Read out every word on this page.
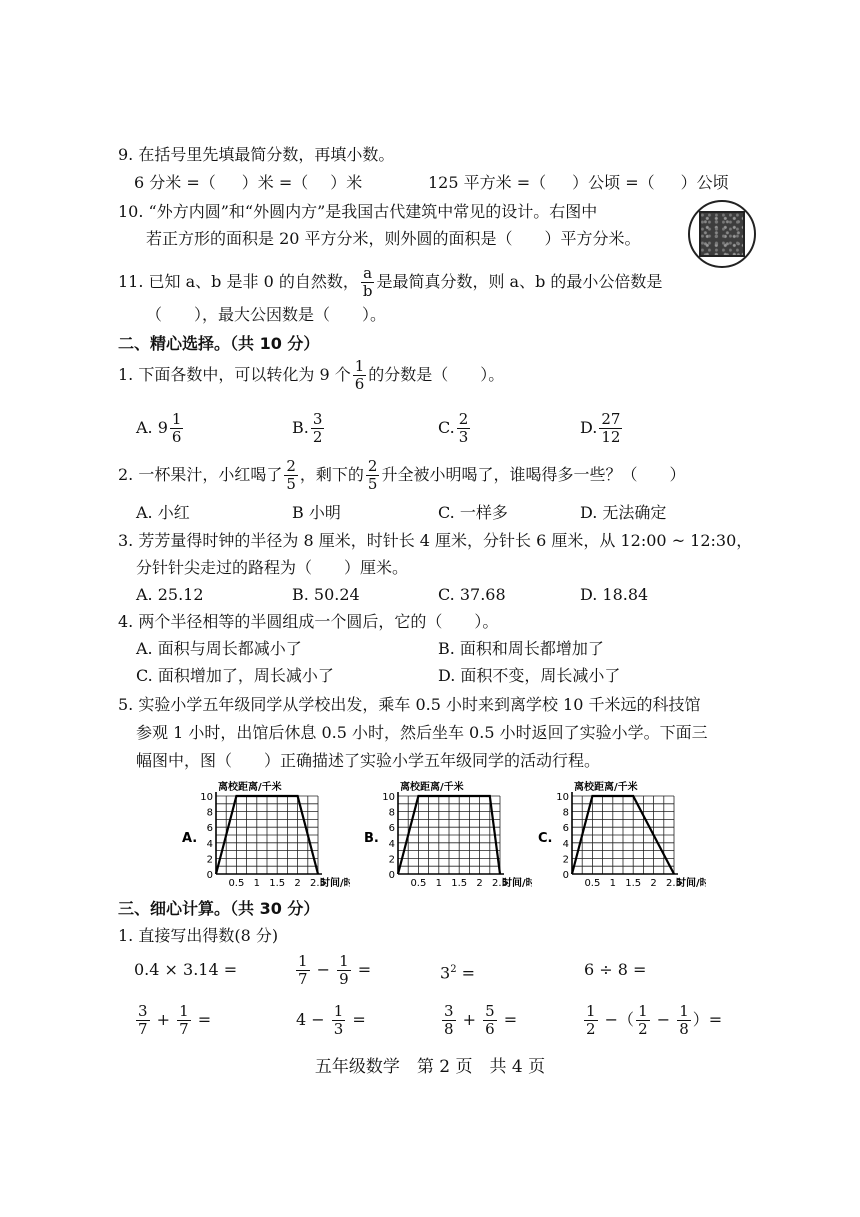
9. 在括号里先填最简分数，再填小数。
6 分米 =（ ）米 =（ ）米	125 平方米 =（ ）公顷 =（ ）公顷
10. “外方内圆”和“外圆内方”是我国古代建筑中常见的设计。右图中
若正方形的面积是 20 平方分米，则外圆的面积是（　　）平方分米。
11. 已知 a、b 是非 0 的自然数， $\frac{a}{b}$ 是最简真分数，则 a、b 的最小公倍数是
（　　），最大公因数是（　　）。
二、精心选择。（共 10 分）
1. 下面各数中，可以转化为 9 个 $\frac{1}{6}$ 的分数是（　　）。
A. $9 \frac{1}{6}$	B. $\frac{3}{2}$	C. $\frac{2}{3}$	D. $\frac{27}{12}$
2. 一杯果汁，小红喝了 $\frac{2}{5}$ ，剩下的 $\frac{2}{5}$ 升全被小明喝了，谁喝得多一些？（　　）
A. 小红	B 小明	C. 一样多	D. 无法确定
3. 芳芳量得时钟的半径为 8 厘米，时针长 4 厘米，分针长 6 厘米，从 12:00 ~ 12:30，
分针针尖走过的路程为（　　）厘米。
A. 25.12	B. 50.24	C. 37.68	D. 18.84
4. 两个半径相等的半圆组成一个圆后，它的（　　）。
A. 面积与周长都减小了	B. 面积和周长都增加了
C. 面积增加了，周长减小了	D. 面积不变，周长减小了
5. 实验小学五年级同学从学校出发，乘车 0.5 小时来到离学校 10 千米远的科技馆
参观 1 小时，出馆后休息 0.5 小时，然后坐车 0.5 小时返回了实验小学。下面三
幅图中，图（　　）正确描述了实验小学五年级同学的活动行程。
A.
离校距离/千米
0
2
4
6
8
10
0.5 1 1.5 2 2.5
时间/时
B.
离校距离/千米
0
2
4
6
8
10
0.5 1 1.5 2 2.5
时间/时
C.
离校距离/千米
0
2
4
6
8
10
0.5 1 1.5 2 2.5
时间/时
三、细心计算。（共 30 分）
1. 直接写出得数(8 分)
0.4 × 3.14 =	$\frac{1}{7} - \frac{1}{9}$ =	$3^2$ =	6 ÷ 8 =
$\frac{3}{7} + \frac{1}{7}$ =	$4 - \frac{1}{3}$ =	$\frac{3}{8} + \frac{5}{6}$ =	$\frac{1}{2}$ −（ $\frac{1}{2} - \frac{1}{8}$ ）=
五年级数学　第 2 页　共 4 页
